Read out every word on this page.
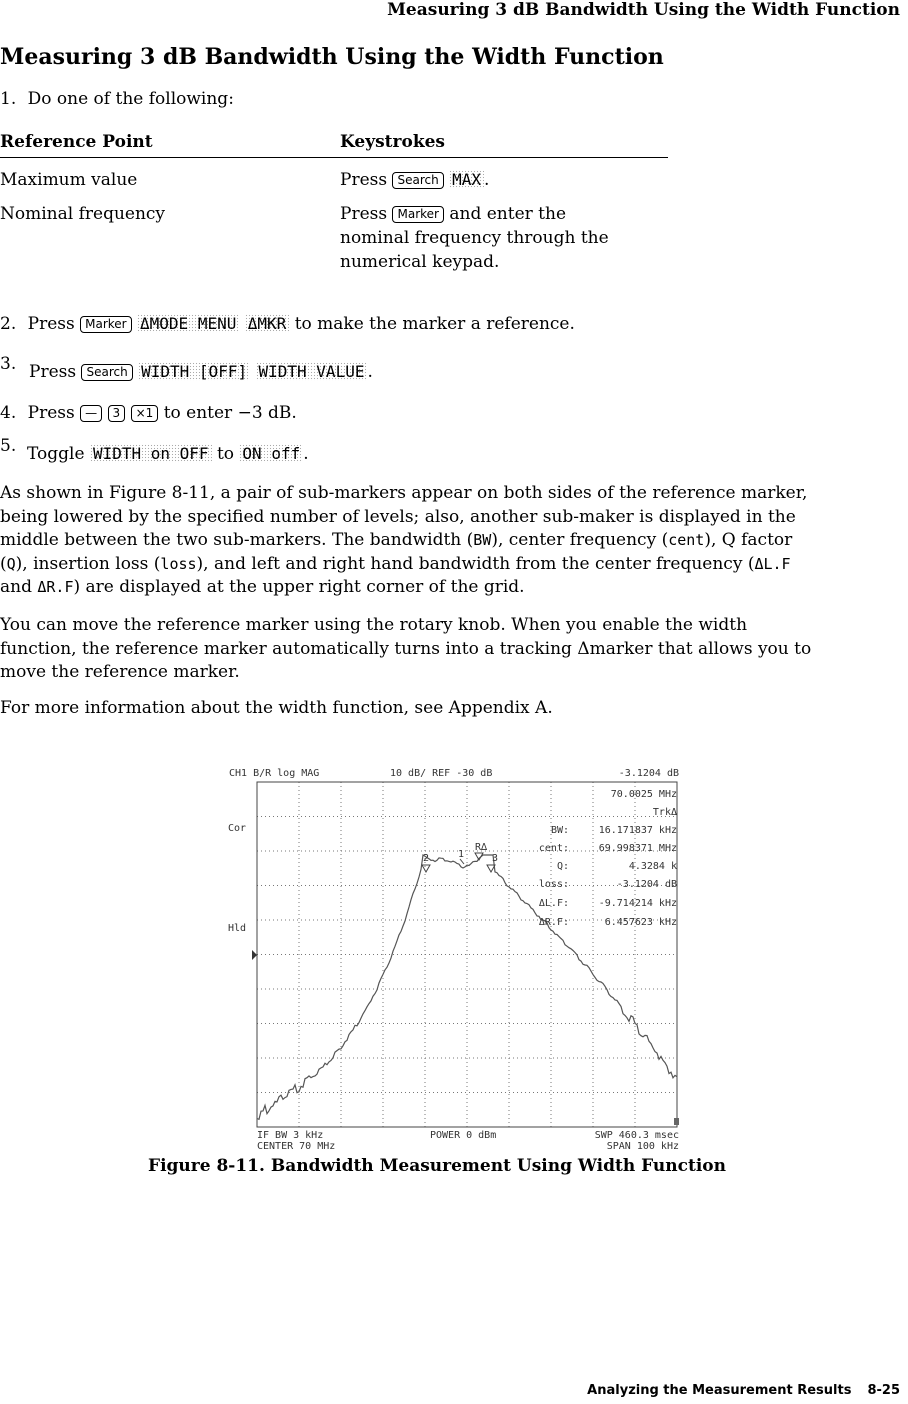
Measuring 3 dB Bandwidth Using the Width Function
Measuring 3 dB Bandwidth Using the Width Function
1. Do one of the following:
Reference Point	Keystrokes
Maximum value	Press Search MAX .
Nominal frequency	Press Marker and enter the
nominal frequency through the
numerical keypad.
2. Press Marker ΔMODE MENU ΔMKR to make the marker a reference.
3. Press Search WIDTH [OFF] WIDTH VALUE .
4. Press — 3 ×1 to enter −3 dB.
5. Toggle WIDTH on OFF to ON off .
As shown in Figure 8-11, a pair of sub-markers appear on both sides of the reference marker,
being lowered by the specified number of levels; also, another sub-maker is displayed in the
middle between the two sub-markers. The bandwidth (BW), center frequency (cent), Q factor
(Q), insertion loss (loss), and left and right hand bandwidth from the center frequency (ΔL.F
and ΔR.F) are displayed at the upper right corner of the grid.
You can move the reference marker using the rotary knob. When you enable the width
function, the reference marker automatically turns into a tracking Δmarker that allows you to
move the reference marker.
For more information about the width function, see Appendix A.
CH1 B/R log MAG	10 dB/ REF -30 dB	-3.1204 dB
Cor
Hld
70.0025 MHz
TrkΔ
BW:	16.171837 kHz
cent:	69.998371 MHz
Q:	4.3284 k
loss:	-3.1204 dB
ΔL.F:	-9.714214 kHz
ΔR.F:	6.457623 kHz
2	1
R∆
3
IF BW 3 kHz	POWER 0 dBm	SWP 460.3 msec
CENTER 70 MHz	SPAN 100 kHz
Figure 8-11. Bandwidth Measurement Using Width Function
Analyzing the Measurement Results 8-25
